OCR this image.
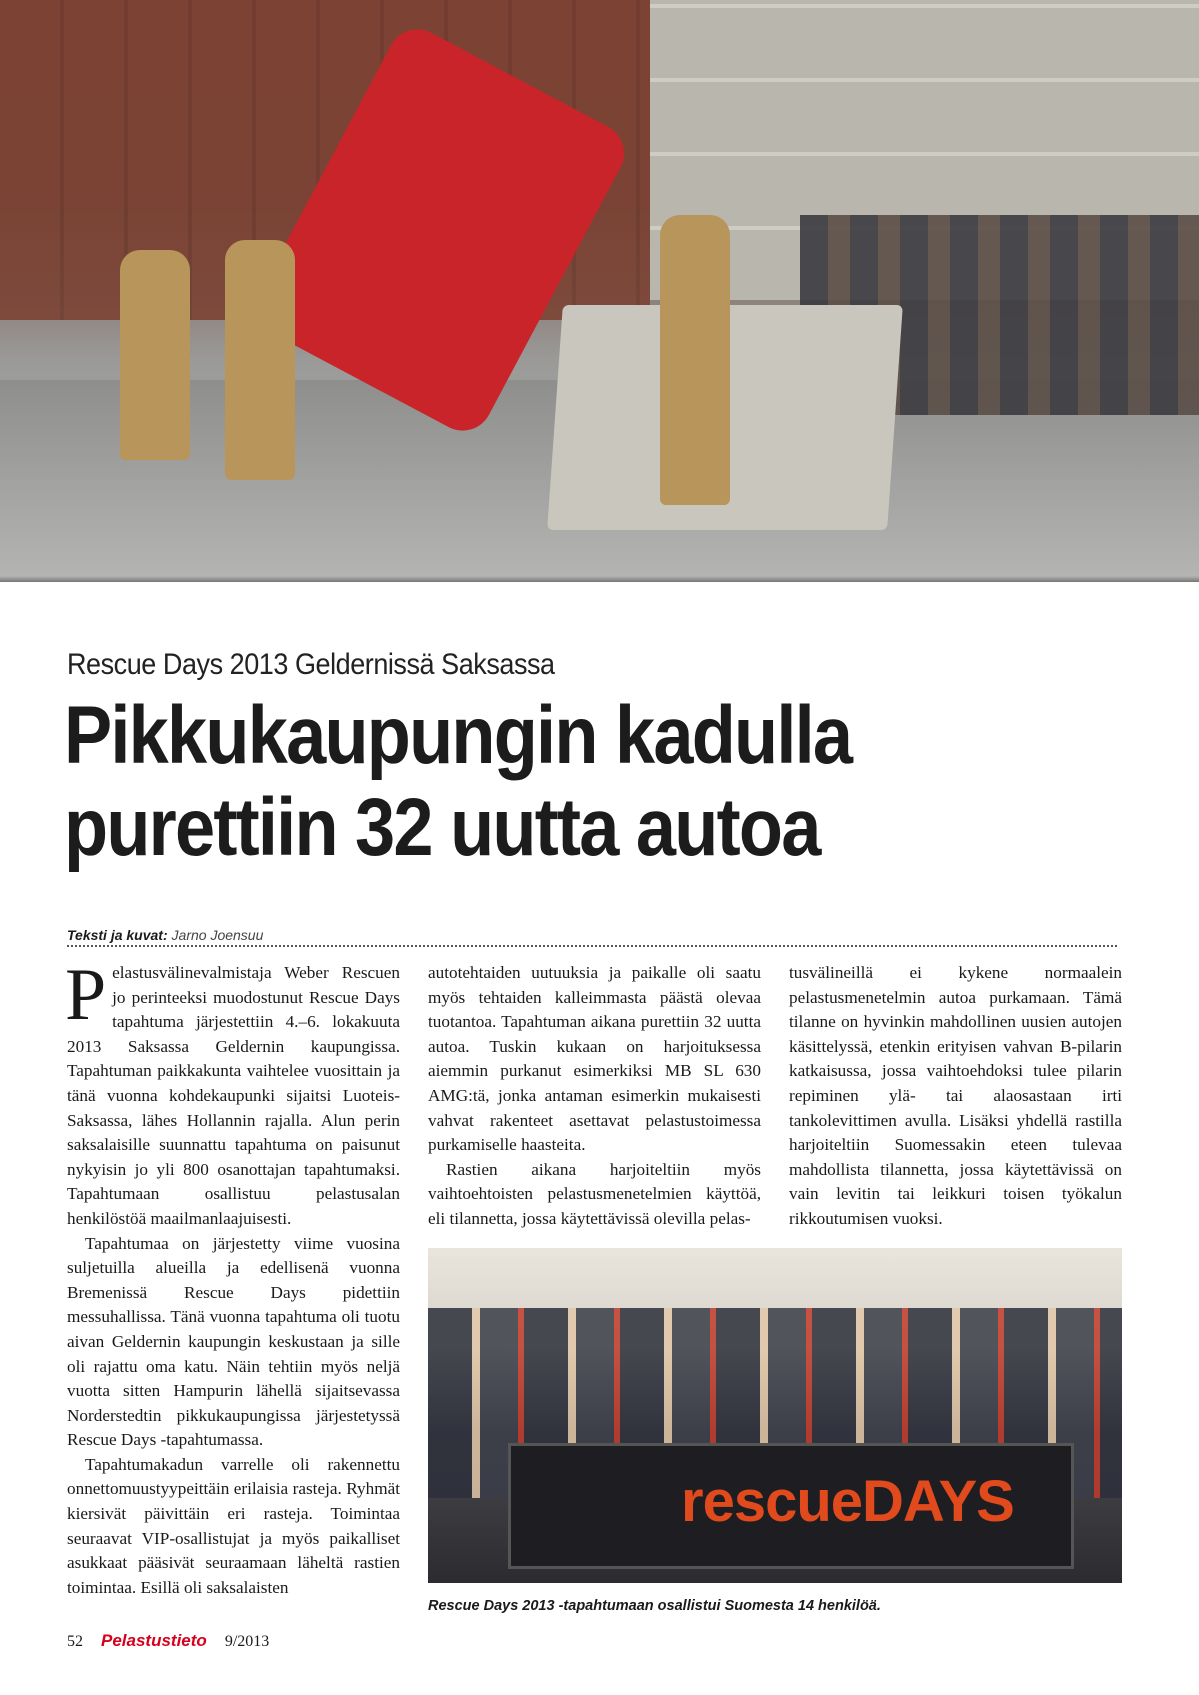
Rescue Days 2013 Geldernissä Saksassa
Pikkukaupungin kadulla
purettiin 32 uutta autoa
Teksti ja kuvat: Jarno Joensuu

Pelastusvälinevalmistaja Weber Rescuen jo perinteeksi muodostunut Rescue Days tapahtuma järjestettiin 4.–6. lokakuuta 2013 Saksassa Geldernin kaupungissa. Tapahtuman paikkakunta vaihtelee vuosittain ja tänä vuonna kohdekaupunki sijaitsi Luoteis-Saksassa, lähes Hollannin rajalla. Alun perin saksalaisille suunnattu tapahtuma on paisunut nykyisin jo yli 800 osanottajan tapahtumaksi. Tapahtumaan osallistuu pelastusalan henkilöstöä maailmanlaajuisesti.

Tapahtumaa on järjestetty viime vuosina suljetuilla alueilla ja edellisenä vuonna Bremenissä Rescue Days pidettiin messuhallissa. Tänä vuonna tapahtuma oli tuotu aivan Geldernin kaupungin keskustaan ja sille oli rajattu oma katu. Näin tehtiin myös neljä vuotta sitten Hampurin lähellä sijaitsevassa Norderstedtin pikkukaupungissa järjestetyssä Rescue Days -tapahtumassa.

Tapahtumakadun varrelle oli rakennettu onnettomuustyypeittäin erilaisia rasteja. Ryhmät kiersivät päivittäin eri rasteja. Toimintaa seuraavat VIP-osallistujat ja myös paikalliset asukkaat pääsivät seuraamaan läheltä rastien toimintaa. Esillä oli saksalaisten

autotehtaiden uutuuksia ja paikalle oli saatu myös tehtaiden kalleimmasta päästä olevaa tuotantoa. Tapahtuman aikana purettiin 32 uutta autoa. Tuskin kukaan on harjoituksessa aiemmin purkanut esimerkiksi MB SL 630 AMG:tä, jonka antaman esimerkin mukaisesti vahvat rakenteet asettavat pelastustoimessa purkamiselle haasteita.

Rastien aikana harjoiteltiin myös vaihtoehtoisten pelastusmenetelmien käyttöä, eli tilannetta, jossa käytettävissä olevilla pelas-

tusvälineillä ei kykene normaalein pelastusmenetelmin autoa purkamaan. Tämä tilanne on hyvinkin mahdollinen uusien autojen käsittelyssä, etenkin erityisen vahvan B-pilarin katkaisussa, jossa vaihtoehdoksi tulee pilarin repiminen ylä- tai alaosastaan irti tankolevittimen avulla. Lisäksi yhdellä rastilla harjoiteltiin Suomessakin eteen tulevaa mahdollista tilannetta, jossa käytettävissä on vain levitin tai leikkuri toisen työkalun rikkoutumisen vuoksi.

rescueDAYS
Rescue Days 2013 -tapahtumaan osallistui Suomesta 14 henkilöä.
52 Pelastustieto 9/2013
